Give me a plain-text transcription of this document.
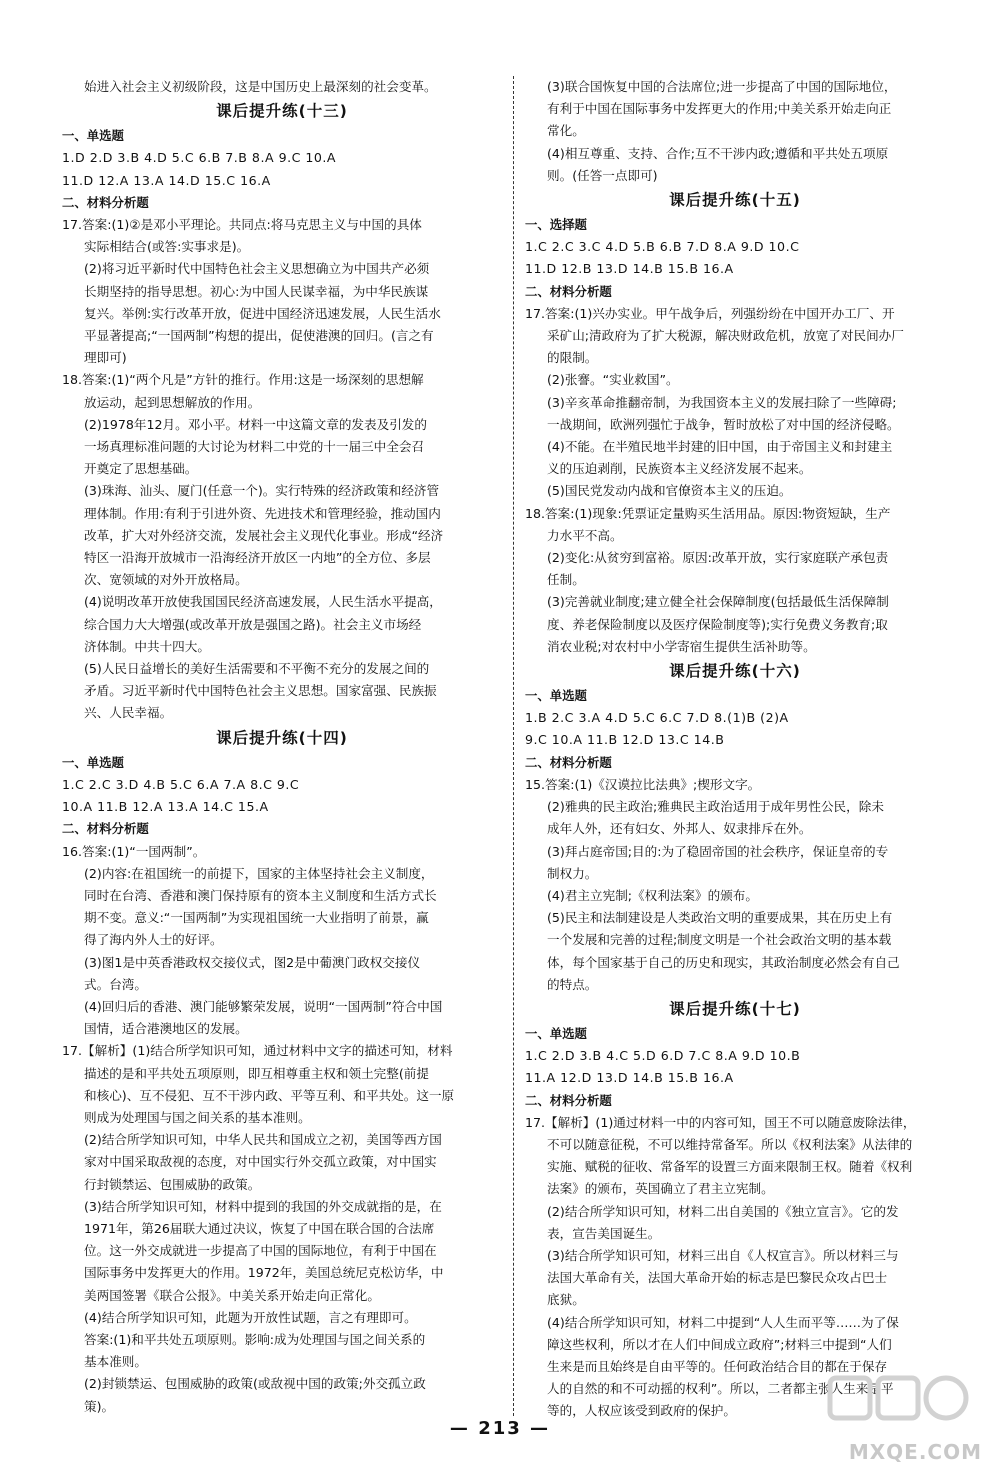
始进入社会主义初级阶段，这是中国历史上最深刻的社会变革。
课后提升练(十三)
一、单选题
1.D 2.D 3.B 4.D 5.C 6.B 7.B 8.A 9.C 10.A
11.D 12.A 13.A 14.D 15.C 16.A
二、材料分析题
17.答案:(1)②是邓小平理论。共同点:将马克思主义与中国的具体
实际相结合(或答:实事求是)。
(2)将习近平新时代中国特色社会主义思想确立为中国共产必须
长期坚持的指导思想。初心:为中国人民谋幸福，为中华民族谋
复兴。举例:实行改革开放，促进中国经济迅速发展，人民生活水
平显著提高;“一国两制”构想的提出，促使港澳的回归。(言之有
理即可)
18.答案:(1)“两个凡是”方针的推行。作用:这是一场深刻的思想解
放运动，起到思想解放的作用。
(2)1978年12月。邓小平。材料一中这篇文章的发表及引发的
一场真理标准问题的大讨论为材料二中党的十一届三中全会召
开奠定了思想基础。
(3)珠海、汕头、厦门(任意一个)。实行特殊的经济政策和经济管
理体制。作用:有利于引进外资、先进技术和管理经验，推动国内
改革，扩大对外经济交流，发展社会主义现代化事业。形成“经济
特区一沿海开放城市一沿海经济开放区一内地”的全方位、多层
次、宽领域的对外开放格局。
(4)说明改革开放使我国国民经济高速发展，人民生活水平提高，
综合国力大大增强(或改革开放是强国之路)。社会主义市场经
济体制。中共十四大。
(5)人民日益增长的美好生活需要和不平衡不充分的发展之间的
矛盾。习近平新时代中国特色社会主义思想。国家富强、民族振
兴、人民幸福。
课后提升练(十四)
一、单选题
1.C 2.C 3.D 4.B 5.C 6.A 7.A 8.C 9.C
10.A 11.B 12.A 13.A 14.C 15.A
二、材料分析题
16.答案:(1)“一国两制”。
(2)内容:在祖国统一的前提下，国家的主体坚持社会主义制度，
同时在台湾、香港和澳门保持原有的资本主义制度和生活方式长
期不变。意义:“一国两制”为实现祖国统一大业指明了前景，赢
得了海内外人士的好评。
(3)图1是中英香港政权交接仪式，图2是中葡澳门政权交接仪
式。台湾。
(4)回归后的香港、澳门能够繁荣发展，说明“一国两制”符合中国
国情，适合港澳地区的发展。
17.【解析】(1)结合所学知识可知，通过材料中文字的描述可知，材料
描述的是和平共处五项原则，即互相尊重主权和领土完整(前提
和核心)、互不侵犯、互不干涉内政、平等互利、和平共处。这一原
则成为处理国与国之间关系的基本准则。
(2)结合所学知识可知，中华人民共和国成立之初，美国等西方国
家对中国采取敌视的态度，对中国实行外交孤立政策，对中国实
行封锁禁运、包围威胁的政策。
(3)结合所学知识可知，材料中提到的我国的外交成就指的是，在
1971年，第26届联大通过决议，恢复了中国在联合国的合法席
位。这一外交成就进一步提高了中国的国际地位，有利于中国在
国际事务中发挥更大的作用。1972年，美国总统尼克松访华，中
美两国签署《联合公报》。中美关系开始走向正常化。
(4)结合所学知识可知，此题为开放性试题，言之有理即可。
答案:(1)和平共处五项原则。影响:成为处理国与国之间关系的
基本准则。
(2)封锁禁运、包围威胁的政策(或敌视中国的政策;外交孤立政
策)。
(3)联合国恢复中国的合法席位;进一步提高了中国的国际地位，
有利于中国在国际事务中发挥更大的作用;中美关系开始走向正
常化。
(4)相互尊重、支持、合作;互不干涉内政;遵循和平共处五项原
则。(任答一点即可)
课后提升练(十五)
一、选择题
1.C 2.C 3.C 4.D 5.B 6.B 7.D 8.A 9.D 10.C
11.D 12.B 13.D 14.B 15.B 16.A
二、材料分析题
17.答案:(1)兴办实业。甲午战争后，列强纷纷在中国开办工厂、开
采矿山;清政府为了扩大税源，解决财政危机，放宽了对民间办厂
的限制。
(2)张謇。“实业救国”。
(3)辛亥革命推翻帝制，为我国资本主义的发展扫除了一些障碍;
一战期间，欧洲列强忙于战争，暂时放松了对中国的经济侵略。
(4)不能。在半殖民地半封建的旧中国，由于帝国主义和封建主
义的压迫剥削，民族资本主义经济发展不起来。
(5)国民党发动内战和官僚资本主义的压迫。
18.答案:(1)现象:凭票证定量购买生活用品。原因:物资短缺，生产
力水平不高。
(2)变化:从贫穷到富裕。原因:改革开放，实行家庭联产承包责
任制。
(3)完善就业制度;建立健全社会保障制度(包括最低生活保障制
度、养老保险制度以及医疗保险制度等);实行免费义务教育;取
消农业税;对农村中小学寄宿生提供生活补助等。
课后提升练(十六)
一、单选题
1.B 2.C 3.A 4.D 5.C 6.C 7.D 8.(1)B (2)A
9.C 10.A 11.B 12.D 13.C 14.B
二、材料分析题
15.答案:(1)《汉谟拉比法典》;楔形文字。
(2)雅典的民主政治;雅典民主政治适用于成年男性公民，除未
成年人外，还有妇女、外邦人、奴隶排斥在外。
(3)拜占庭帝国;目的:为了稳固帝国的社会秩序，保证皇帝的专
制权力。
(4)君主立宪制;《权利法案》的颁布。
(5)民主和法制建设是人类政治文明的重要成果，其在历史上有
一个发展和完善的过程;制度文明是一个社会政治文明的基本载
体，每个国家基于自己的历史和现实，其政治制度必然会有自己
的特点。
课后提升练(十七)
一、单选题
1.C 2.D 3.B 4.C 5.D 6.D 7.C 8.A 9.D 10.B
11.A 12.D 13.D 14.B 15.B 16.A
二、材料分析题
17.【解析】(1)通过材料一中的内容可知，国王不可以随意废除法律，
不可以随意征税，不可以维持常备军。所以《权利法案》从法律的
实施、赋税的征收、常备军的设置三方面来限制王权。随着《权利
法案》的颁布，英国确立了君主立宪制。
(2)结合所学知识可知，材料二出自美国的《独立宣言》。它的发
表，宣告美国诞生。
(3)结合所学知识可知，材料三出自《人权宣言》。所以材料三与
法国大革命有关，法国大革命开始的标志是巴黎民众攻占巴士
底狱。
(4)结合所学知识可知，材料二中提到“人人生而平等……为了保
障这些权利，所以才在人们中间成立政府”;材料三中提到“人们
生来是而且始终是自由平等的。任何政治结合目的都在于保存
人的自然的和不可动摇的权利”。所以，二者都主张人生来是平
等的，人权应该受到政府的保护。
— 213 —
MXQE.COM
